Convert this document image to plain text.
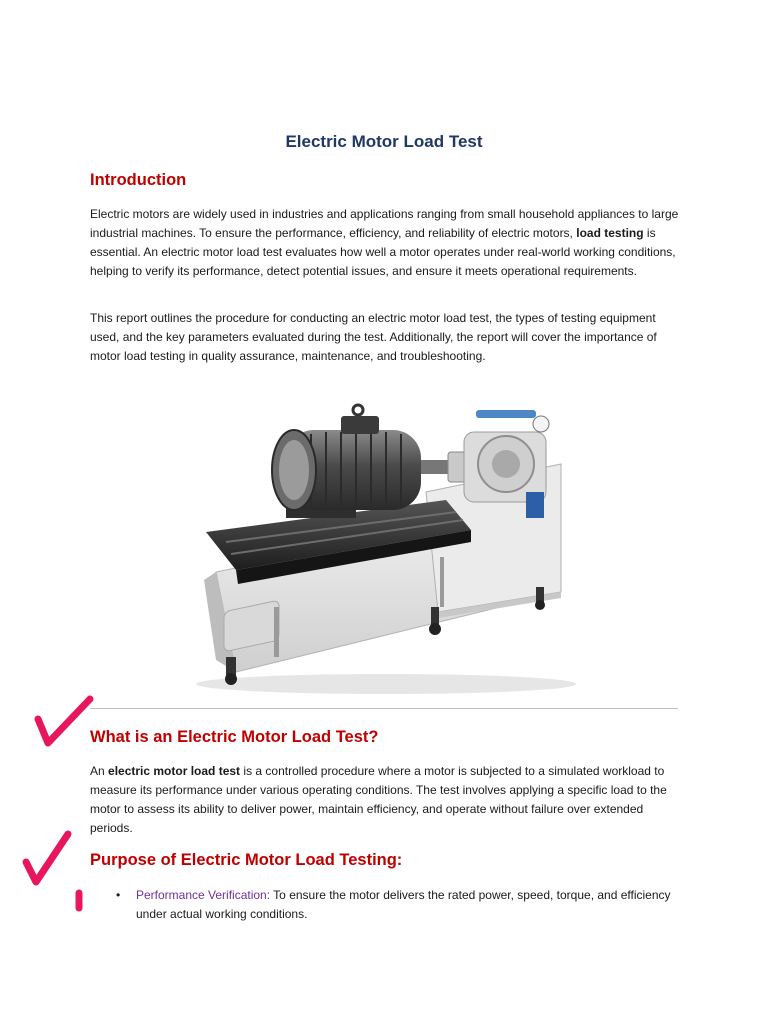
Electric Motor Load Test
Introduction

Electric motors are widely used in industries and applications ranging from small household appliances to large industrial machines. To ensure the performance, efficiency, and reliability of electric motors, load testing is essential. An electric motor load test evaluates how well a motor operates under real-world working conditions, helping to verify its performance, detect potential issues, and ensure it meets operational requirements.

This report outlines the procedure for conducting an electric motor load test, the types of testing equipment used, and the key parameters evaluated during the test. Additionally, the report will cover the importance of motor load testing in quality assurance, maintenance, and troubleshooting.

What is an Electric Motor Load Test?

An electric motor load test is a controlled procedure where a motor is subjected to a simulated workload to measure its performance under various operating conditions. The test involves applying a specific load to the motor to assess its ability to deliver power, maintain efficiency, and operate without failure over extended periods.

Purpose of Electric Motor Load Testing:
• Performance Verification: To ensure the motor delivers the rated power, speed, torque, and efficiency under actual working conditions.
